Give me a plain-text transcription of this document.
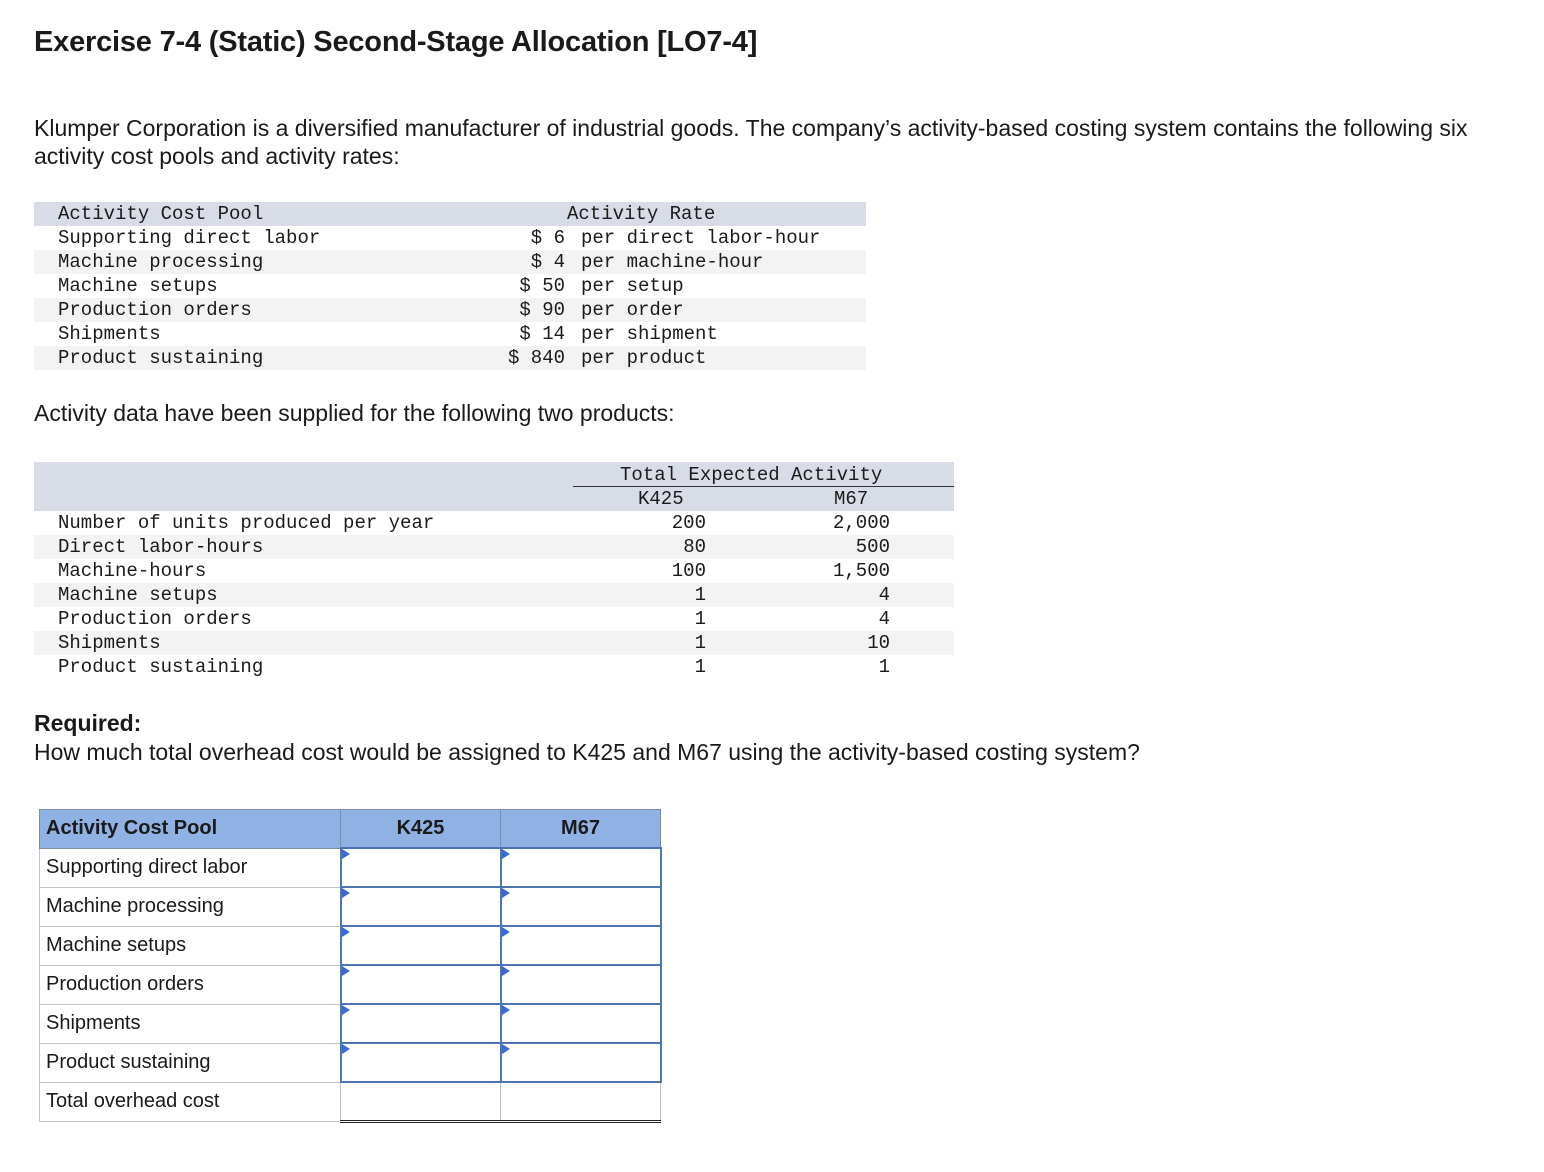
Exercise 7-4 (Static) Second-Stage Allocation [LO7-4]
Klumper Corporation is a diversified manufacturer of industrial goods. The company’s activity-based costing system contains the following six activity cost pools and activity rates:
Activity Cost Pool	Activity Rate
Supporting direct labor	$ 6 per direct labor-hour
Machine processing	$ 4 per machine-hour
Machine setups	$ 50 per setup
Production orders	$ 90 per order
Shipments	$ 14 per shipment
Product sustaining	$ 840 per product
Activity data have been supplied for the following two products:
Total Expected Activity
K425	M67
Number of units produced per year	200	2,000
Direct labor-hours	80	500
Machine-hours	100	1,500
Machine setups	1	4
Production orders	1	4
Shipments	1	10
Product sustaining	1	1
Required:
How much total overhead cost would be assigned to K425 and M67 using the activity-based costing system?
Activity Cost Pool	K425	M67
Supporting direct labor	

Machine processing	

Machine setups	

Production orders	

Shipments	

Product sustaining	

Total overhead cost		
